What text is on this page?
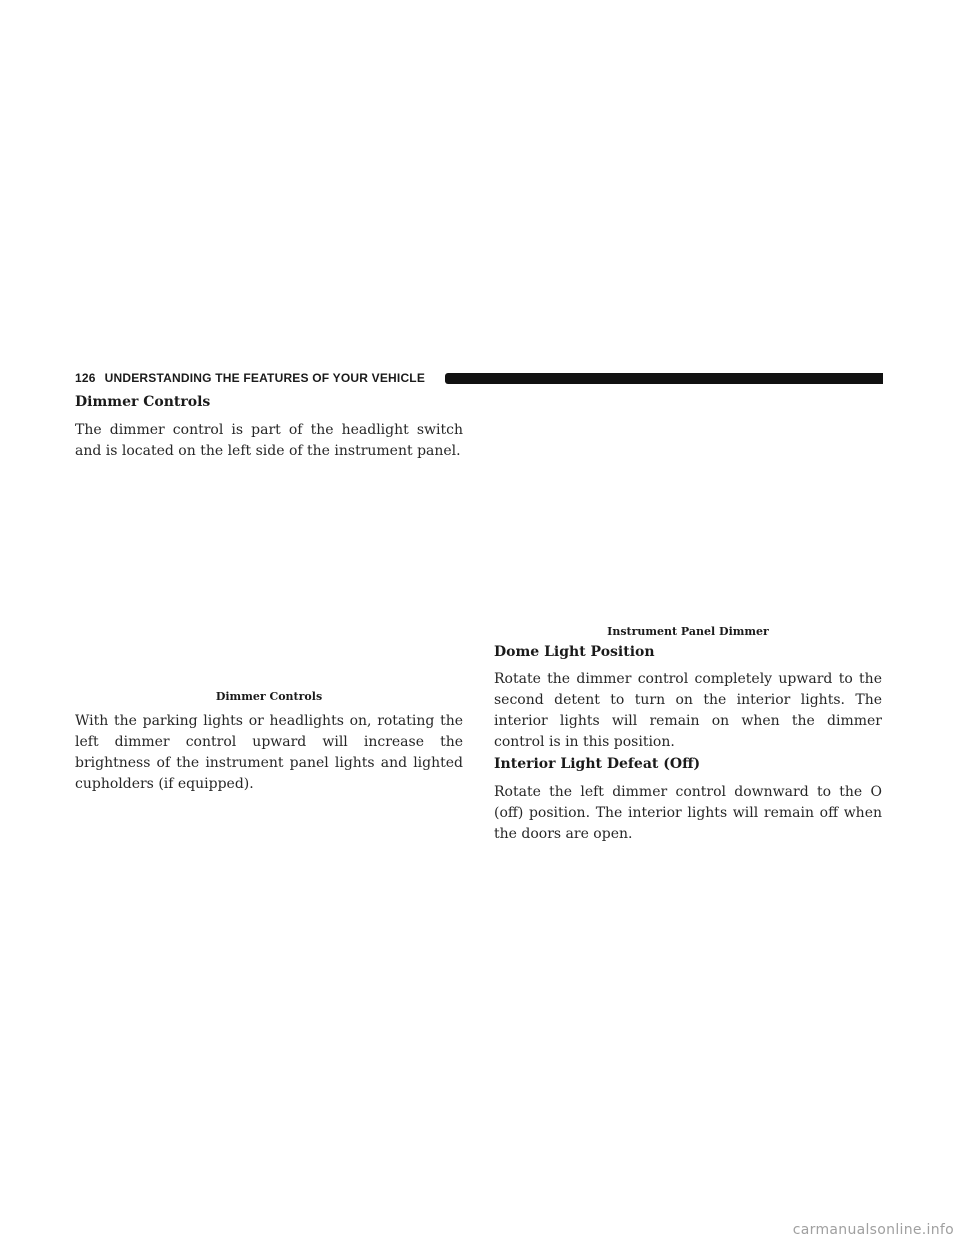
126 UNDERSTANDING THE FEATURES OF YOUR VEHICLE
Dimmer Controls

The dimmer control is part of the headlight switch and is located on the left side of the instrument panel.

Dimmer Controls

With the parking lights or headlights on, rotating the left dimmer control upward will increase the brightness of the instrument panel lights and lighted cupholders (if equipped).

Instrument Panel Dimmer
Dome Light Position

Rotate the dimmer control completely upward to the second detent to turn on the interior lights. The interior lights will remain on when the dimmer control is in this position.

Interior Light Defeat (Off)

Rotate the left dimmer control downward to the O (off) position. The interior lights will remain off when the doors are open.

carmanualsonline.info
